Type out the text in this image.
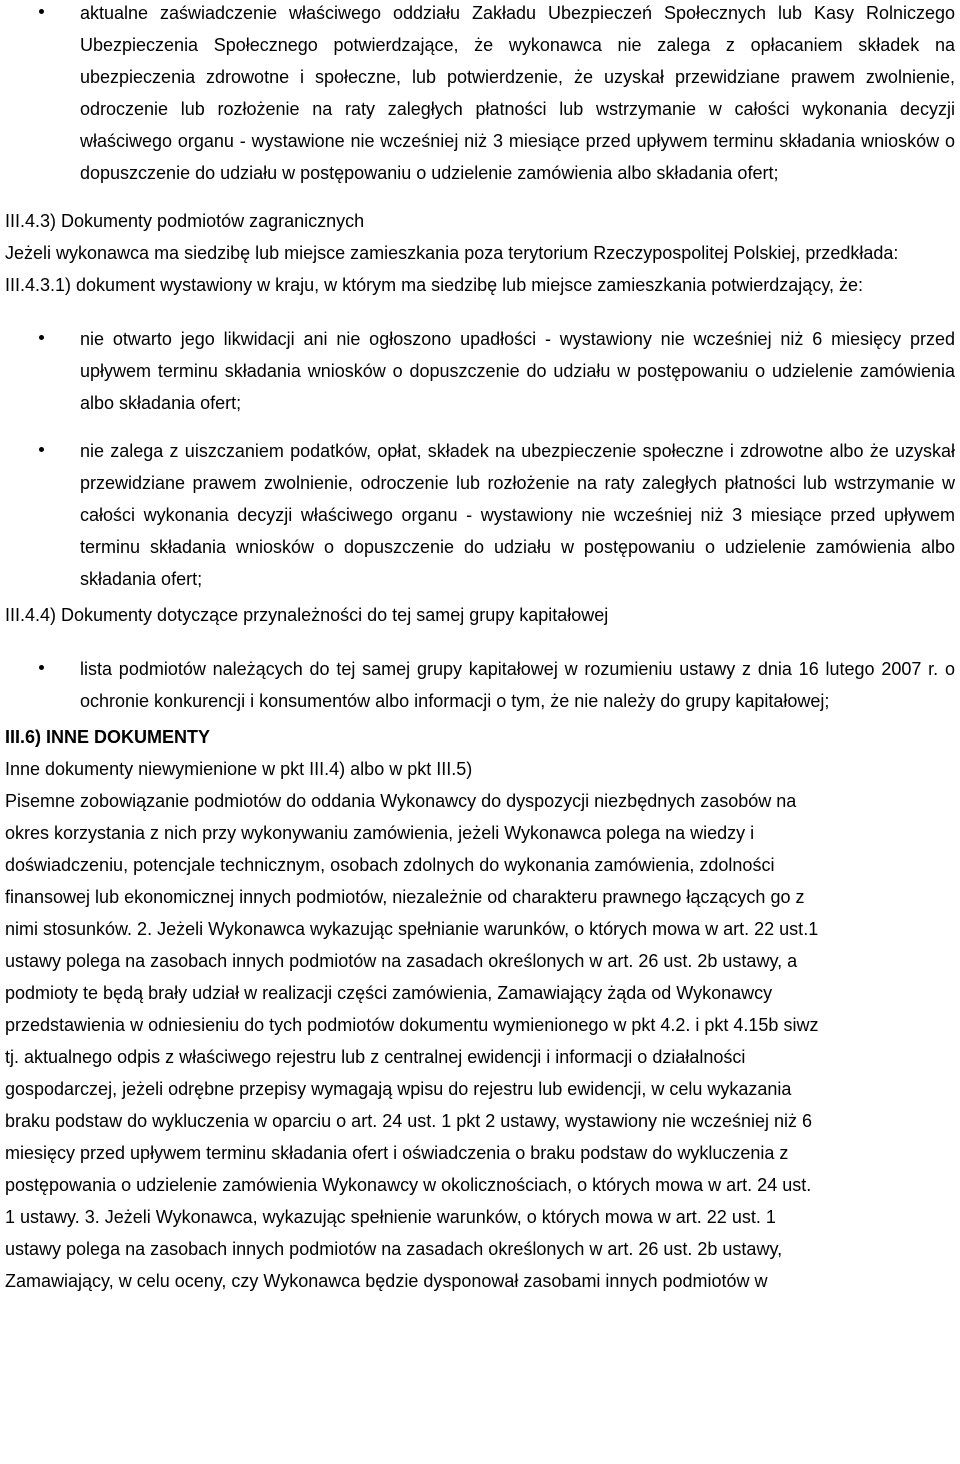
aktualne zaświadczenie właściwego oddziału Zakładu Ubezpieczeń Społecznych lub Kasy Rolniczego Ubezpieczenia Społecznego potwierdzające, że wykonawca nie zalega z opłacaniem składek na ubezpieczenia zdrowotne i społeczne, lub potwierdzenie, że uzyskał przewidziane prawem zwolnienie, odroczenie lub rozłożenie na raty zaległych płatności lub wstrzymanie w całości wykonania decyzji właściwego organu - wystawione nie wcześniej niż 3 miesiące przed upływem terminu składania wniosków o dopuszczenie do udziału w postępowaniu o udzielenie zamówienia albo składania ofert;
III.4.3) Dokumenty podmiotów zagranicznych
Jeżeli wykonawca ma siedzibę lub miejsce zamieszkania poza terytorium Rzeczypospolitej Polskiej, przedkłada:
III.4.3.1) dokument wystawiony w kraju, w którym ma siedzibę lub miejsce zamieszkania potwierdzający, że:
nie otwarto jego likwidacji ani nie ogłoszono upadłości - wystawiony nie wcześniej niż 6 miesięcy przed upływem terminu składania wniosków o dopuszczenie do udziału w postępowaniu o udzielenie zamówienia albo składania ofert;
nie zalega z uiszczaniem podatków, opłat, składek na ubezpieczenie społeczne i zdrowotne albo że uzyskał przewidziane prawem zwolnienie, odroczenie lub rozłożenie na raty zaległych płatności lub wstrzymanie w całości wykonania decyzji właściwego organu - wystawiony nie wcześniej niż 3 miesiące przed upływem terminu składania wniosków o dopuszczenie do udziału w postępowaniu o udzielenie zamówienia albo składania ofert;
III.4.4) Dokumenty dotyczące przynależności do tej samej grupy kapitałowej
lista podmiotów należących do tej samej grupy kapitałowej w rozumieniu ustawy z dnia 16 lutego 2007 r. o ochronie konkurencji i konsumentów albo informacji o tym, że nie należy do grupy kapitałowej;
III.6) INNE DOKUMENTY
Inne dokumenty niewymienione w pkt III.4) albo w pkt III.5)
Pisemne zobowiązanie podmiotów do oddania Wykonawcy do dyspozycji niezbędnych zasobów na
okres korzystania z nich przy wykonywaniu zamówienia, jeżeli Wykonawca polega na wiedzy i
doświadczeniu, potencjale technicznym, osobach zdolnych do wykonania zamówienia, zdolności
finansowej lub ekonomicznej innych podmiotów, niezależnie od charakteru prawnego łączących go z
nimi stosunków. 2. Jeżeli Wykonawca wykazując spełnianie warunków, o których mowa w art. 22 ust.1
ustawy polega na zasobach innych podmiotów na zasadach określonych w art. 26 ust. 2b ustawy, a
podmioty te będą brały udział w realizacji części zamówienia, Zamawiający żąda od Wykonawcy
przedstawienia w odniesieniu do tych podmiotów dokumentu wymienionego w pkt 4.2. i pkt 4.15b siwz
tj. aktualnego odpis z właściwego rejestru lub z centralnej ewidencji i informacji o działalności
gospodarczej, jeżeli odrębne przepisy wymagają wpisu do rejestru lub ewidencji, w celu wykazania
braku podstaw do wykluczenia w oparciu o art. 24 ust. 1 pkt 2 ustawy, wystawiony nie wcześniej niż 6
miesięcy przed upływem terminu składania ofert i oświadczenia o braku podstaw do wykluczenia z
postępowania o udzielenie zamówienia Wykonawcy w okolicznościach, o których mowa w art. 24 ust.
1 ustawy. 3. Jeżeli Wykonawca, wykazując spełnienie warunków, o których mowa w art. 22 ust. 1
ustawy polega na zasobach innych podmiotów na zasadach określonych w art. 26 ust. 2b ustawy,
Zamawiający, w celu oceny, czy Wykonawca będzie dysponował zasobami innych podmiotów w
